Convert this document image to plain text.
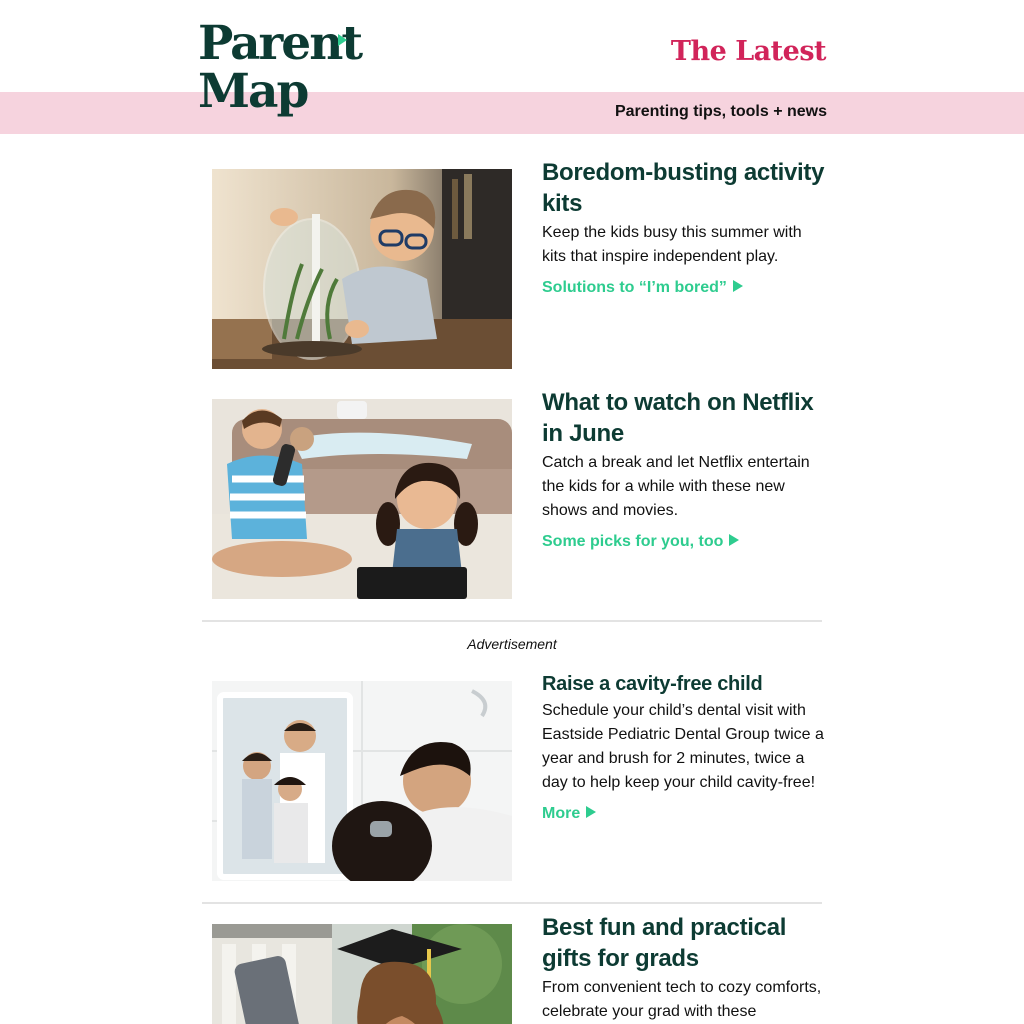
Parent
Map
The Latest
Parenting tips, tools + news
Boredom-busting activity kits
Keep the kids busy this summer with kits that inspire independent play.
Solutions to “I’m bored”
What to watch on Netflix in June
Catch a break and let Netflix entertain the kids for a while with these new shows and movies.
Some picks for you, too
Advertisement
Raise a cavity-free child
Schedule your child’s dental visit with Eastside Pediatric Dental Group twice a year and brush for 2 minutes, twice a day to help keep your child cavity-free!
More
Best fun and practical gifts for grads
From convenient tech to cozy comforts, celebrate your grad with these
